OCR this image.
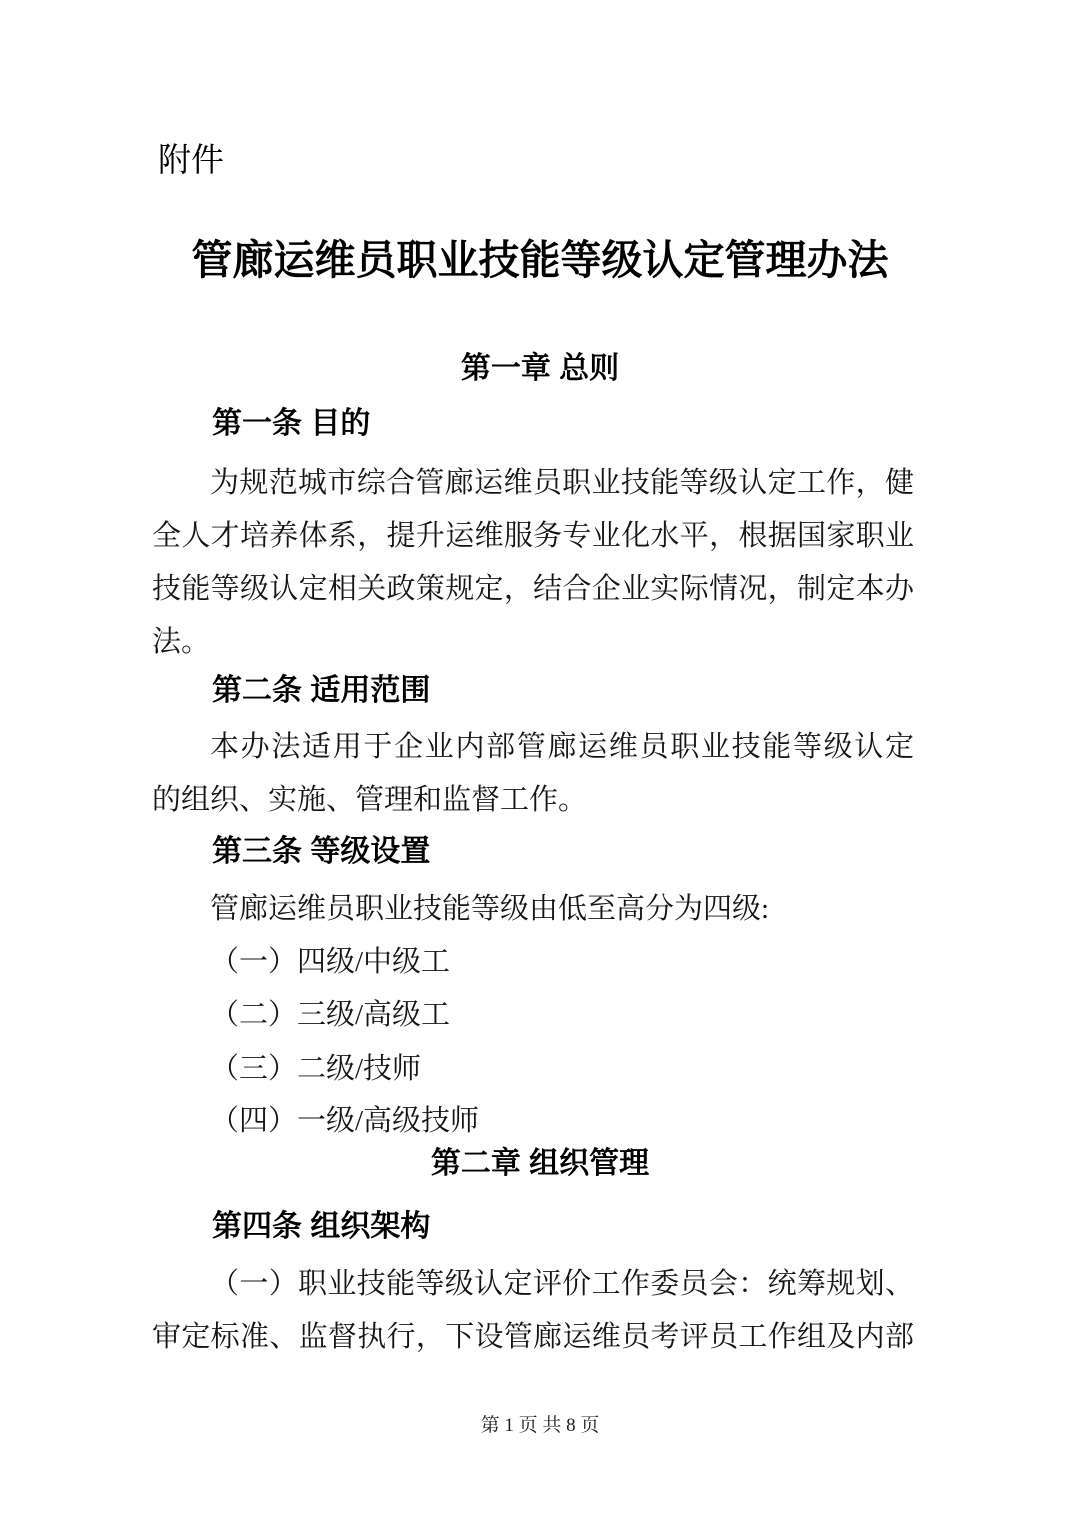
附件
管廊运维员职业技能等级认定管理办法
第一章 总则
第一条 目的
为规范城市综合管廊运维员职业技能等级认定工作，健
全人才培养体系，提升运维服务专业化水平，根据国家职业
技能等级认定相关政策规定，结合企业实际情况，制定本办
法。
第二条 适用范围
本办法适用于企业内部管廊运维员职业技能等级认定
的组织、实施、管理和监督工作。
第三条 等级设置
管廊运维员职业技能等级由低至高分为四级:
（一）四级/中级工
（二）三级/高级工
（三）二级/技师
（四）一级/高级技师
第二章 组织管理
第四条 组织架构
（一）职业技能等级认定评价工作委员会：统筹规划、
审定标准、监督执行，下设管廊运维员考评员工作组及内部
第 1 页 共 8 页
